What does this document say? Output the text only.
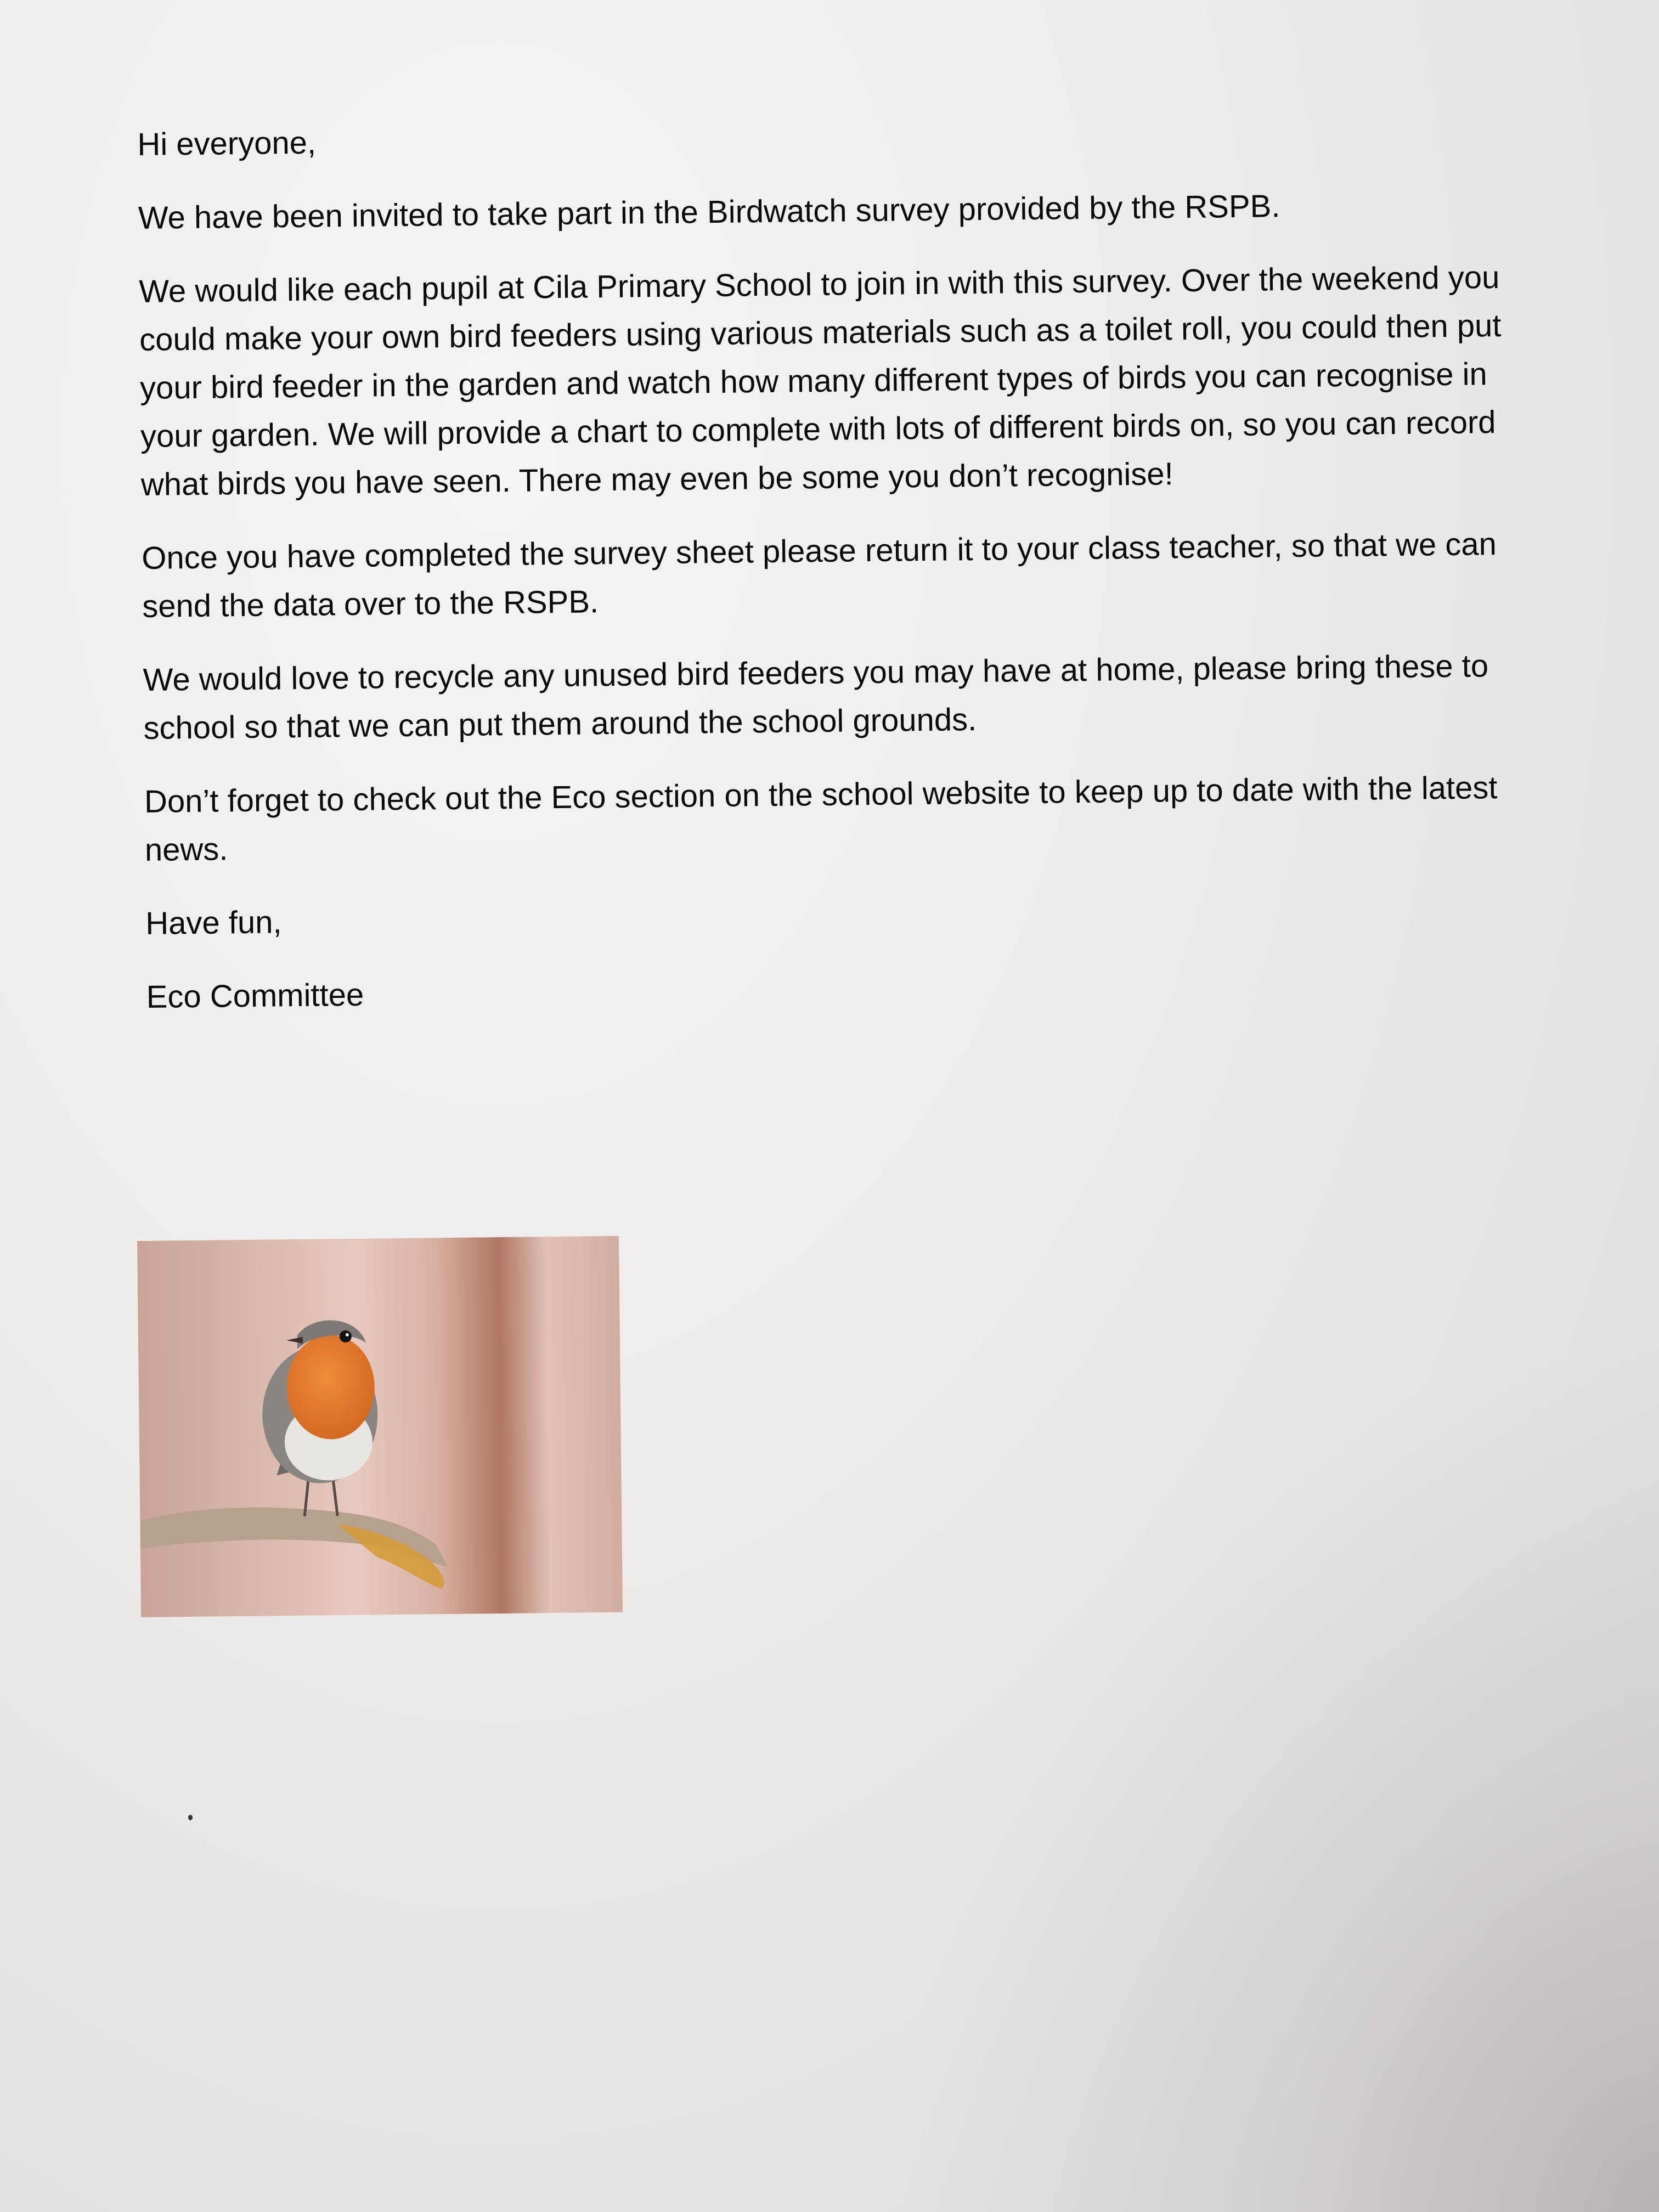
Hi everyone,

We have been invited to take part in the Birdwatch survey provided by the RSPB.

We would like each pupil at Cila Primary School to join in with this survey. Over the weekend you could make your own bird feeders using various materials such as a toilet roll, you could then put your bird feeder in the garden and watch how many different types of birds you can recognise in your garden. We will provide a chart to complete with lots of different birds on, so you can record what birds you have seen. There may even be some you don’t recognise!

Once you have completed the survey sheet please return it to your class teacher, so that we can send the data over to the RSPB.

We would love to recycle any unused bird feeders you may have at home, please bring these to school so that we can put them around the school grounds.

Don’t forget to check out the Eco section on the school website to keep up to date with the latest news.

Have fun,

Eco Committee
